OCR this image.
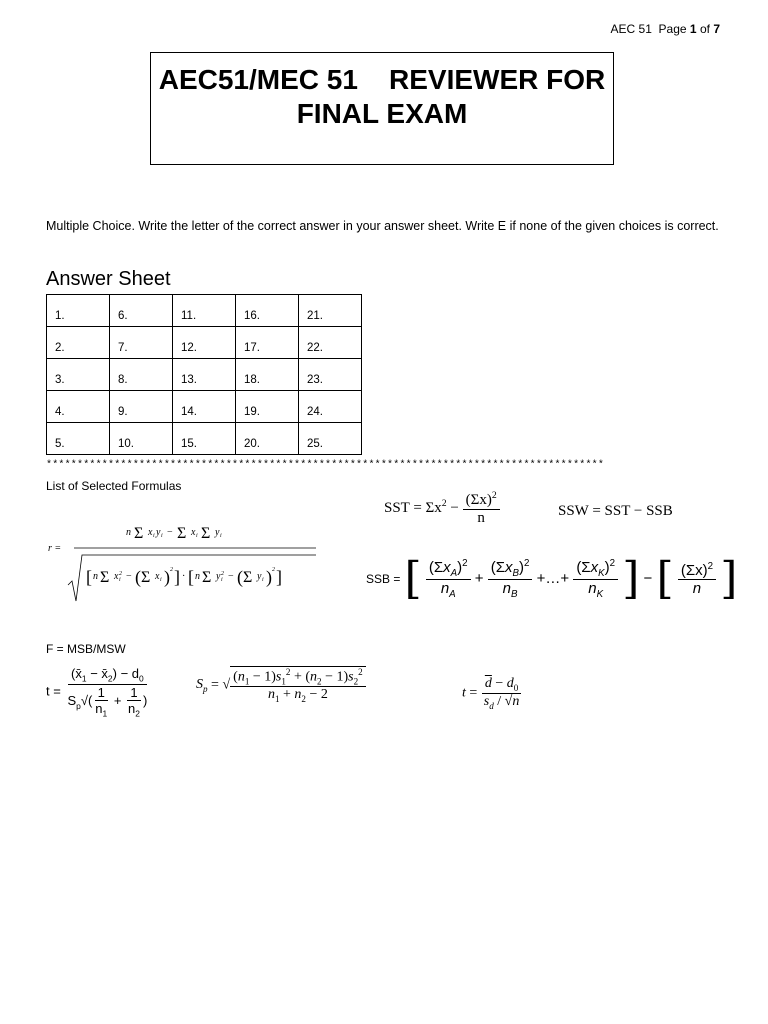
AEC 51 Page 1 of 7
AEC51/MEC 51    REVIEWER FOR
FINAL EXAM
Multiple Choice. Write the letter of the correct answer in your answer sheet. Write E if none of the given choices is correct.
Answer Sheet
1.	6.	11.	16.	21.
2.	7.	12.	17.	22.
3.	8.	13.	18.	23.
4.	9.	14.	19.	24.
5.	10.	15.	20.	25.
******************************************************************************************
List of Selected Formulas
r =
n Σ x i y i − Σ x i Σ y i
[ n Σ x 2
i − ( Σ x i ) 2 ] · [ n Σ y 2
i − ( Σ y i ) 2 ]
SST = $\Sigma x^2 - \frac{(\Sigma x)^2}{n}$	SSW = SST − SSB
SSB = [ $\frac{(\Sigma x_A)^2}{n_A} + \frac{(\Sigma x_B)^2}{n_B}$ +…+ $\frac{(\Sigma x_K)^2}{n_K}$ ] − [ $\frac{(\Sigma x)^2}{n}$ ]
F = MSB/MSW
$t = \frac{(x̄_1 - x̄_2) - d_0}{S_p√( \frac{1}{n_1} + \frac{1}{n_2} )}$	$S_p$ = √ $\frac{(n_1 - 1)s_1^2 + (n_2 - 1)s_2^2}{n_1 + n_2 - 2}$	$t = \frac{\overline{d} - d_0}{s_d / √n}$
